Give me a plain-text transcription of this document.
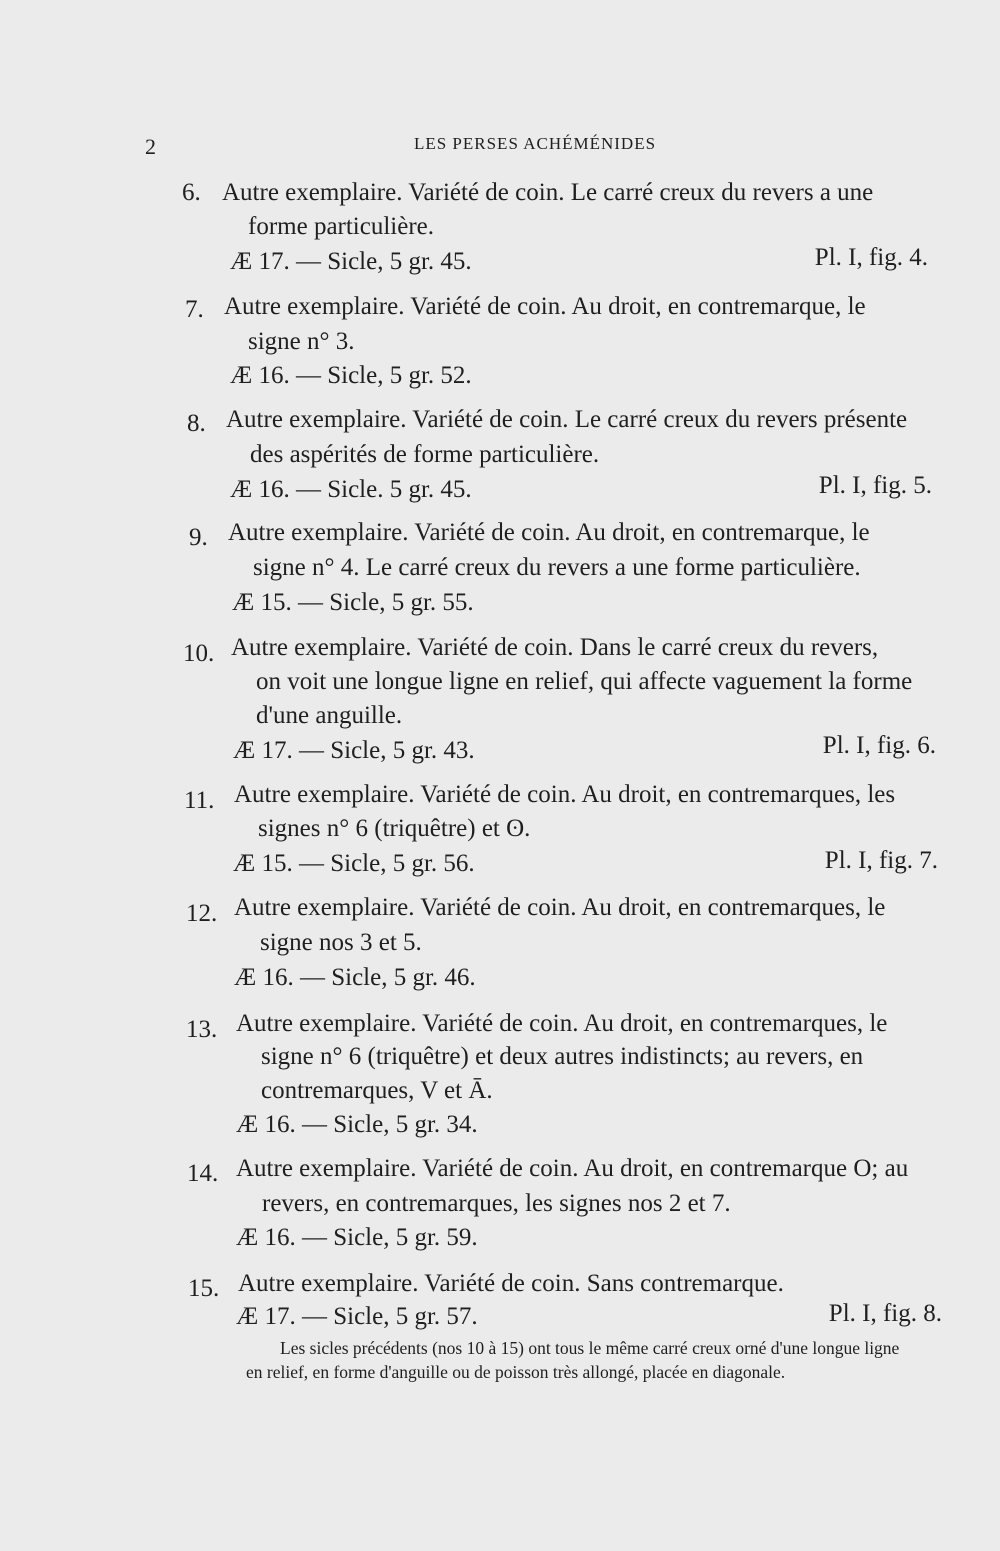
2	LES PERSES ACHÉMÉNIDES
6. Autre exemplaire. Variété de coin. Le carré creux du revers a une
forme particulière.
Æ 17. — Sicle, 5 gr. 45.	Pl. I, fig. 4.
7. Autre exemplaire. Variété de coin. Au droit, en contremarque, le
signe n° 3.
Æ 16. — Sicle, 5 gr. 52.
8. Autre exemplaire. Variété de coin. Le carré creux du revers présente
des aspérités de forme particulière.
Æ 16. — Sicle. 5 gr. 45.	Pl. I, fig. 5.
9. Autre exemplaire. Variété de coin. Au droit, en contremarque, le
signe n° 4. Le carré creux du revers a une forme particulière.
Æ 15. — Sicle, 5 gr. 55.
10. Autre exemplaire. Variété de coin. Dans le carré creux du revers,
on voit une longue ligne en relief, qui affecte vaguement la forme
d'une anguille.
Æ 17. — Sicle, 5 gr. 43.	Pl. I, fig. 6.
11. Autre exemplaire. Variété de coin. Au droit, en contremarques, les
signes n° 6 (triquêtre) et ʘ.
Æ 15. — Sicle, 5 gr. 56.	Pl. I, fig. 7.
12. Autre exemplaire. Variété de coin. Au droit, en contremarques, le
signe nos 3 et 5.
Æ 16. — Sicle, 5 gr. 46.
13. Autre exemplaire. Variété de coin. Au droit, en contremarques, le
signe n° 6 (triquêtre) et deux autres indistincts; au revers, en
contremarques, V et Ā.
Æ 16. — Sicle, 5 gr. 34.
14. Autre exemplaire. Variété de coin. Au droit, en contremarque O; au
revers, en contremarques, les signes nos 2 et 7.
Æ 16. — Sicle, 5 gr. 59.
15. Autre exemplaire. Variété de coin. Sans contremarque.
Æ 17. — Sicle, 5 gr. 57.	Pl. I, fig. 8.
Les sicles précédents (nos 10 à 15) ont tous le même carré creux orné d'une longue ligne
en relief, en forme d'anguille ou de poisson très allongé, placée en diagonale.
